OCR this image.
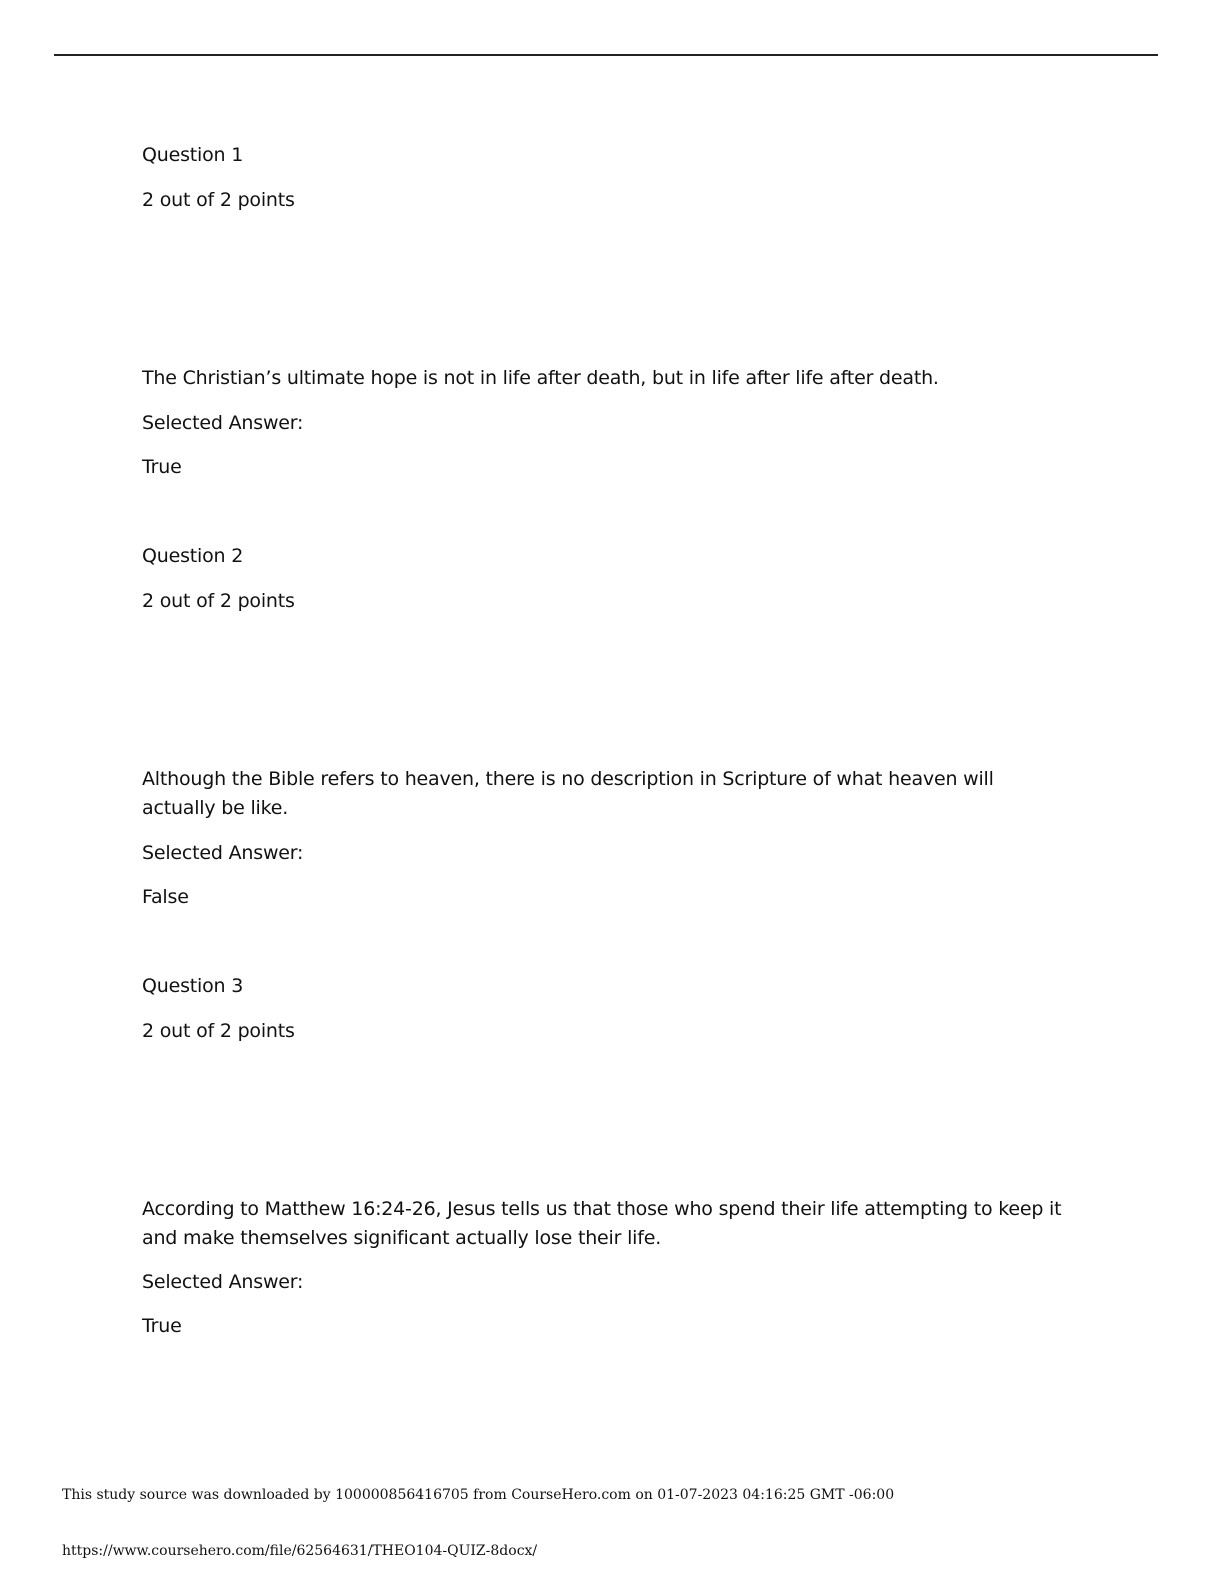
Question 1
2 out of 2 points
The Christian’s ultimate hope is not in life after death, but in life after life after death.
Selected Answer:
True
Question 2
2 out of 2 points
Although the Bible refers to heaven, there is no description in Scripture of what heaven will actually be like.
Selected Answer:
False
Question 3
2 out of 2 points
According to Matthew 16:24-26, Jesus tells us that those who spend their life attempting to keep it and make themselves significant actually lose their life.
Selected Answer:
True
This study source was downloaded by 100000856416705 from CourseHero.com on 01-07-2023 04:16:25 GMT -06:00
https://www.coursehero.com/file/62564631/THEO104-QUIZ-8docx/
